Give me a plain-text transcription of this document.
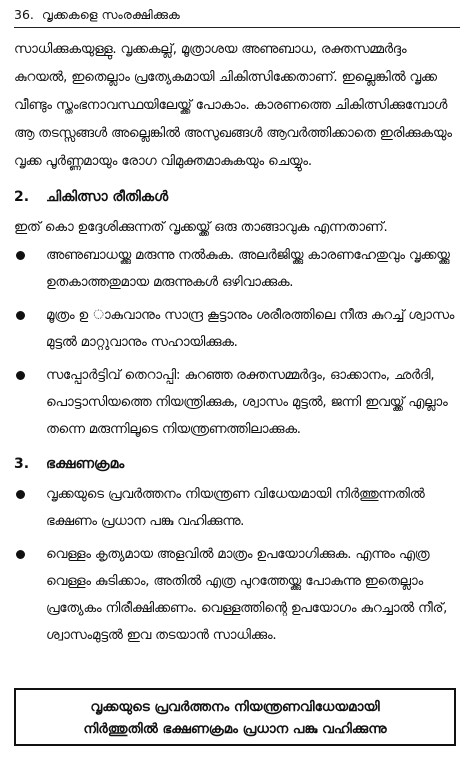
36. വൃക്കകളെ സംരക്ഷിക്കുക

സാധിക്കുകയുള്ളു. വൃക്കകല്ല്, മൂത്രാശയ അണുബാധ, രക്തസമ്മർദ്ദം കുറയൽ, ഇതെല്ലാം പ്രത്യേകമായി ചികിത്സിക്കേതാണ്. ഇല്ലെങ്കിൽ വൃക്ക വീണ്ടും സ്തംഭനാവസ്ഥയിലേയ്ക്ക് പോകാം. കാരണത്തെ ചികിത്സിക്കുമ്പോൾ ആ തടസ്സങ്ങൾ അല്ലെങ്കിൽ അസുഖങ്ങൾ ആവർത്തിക്കാതെ ഇരിക്കുകയും വൃക്ക പൂർണ്ണമായും രോഗ വിമുക്തമാകുകയും ചെയ്യും.

2. ചികിത്സാ രീതികൾ

ഇത് കൊ ഉദ്ദേശിക്കുന്നത് വൃക്കയ്ക്ക് ഒരു താങ്ങാവുക എന്നതാണ്.

അണുബാധയ്ക്കു മരുന്നു നൽകുക. അലർജിയ്ക്കു കാരണഹേതുവും വൃക്കയ്ക്കു ഉതകാത്തതുമായ മരുന്നുകൾ ഒഴിവാക്കുക.
മൂത്രം ഉ ാകുവാനും സാന്ദ്ര കൂട്ടാനും ശരീരത്തിലെ നീരു കുറച്ച് ശ്വാസം മുട്ടൽ മാറ്റുവാനും സഹായിക്കുക.
സപ്പോർട്ടിവ് തെറാപ്പി: കുറഞ്ഞ രക്തസമ്മർദ്ദം, ഓക്കാനം, ഛർദി, പൊട്ടാസിയത്തെ നിയന്ത്രിക്കുക, ശ്വാസം മുട്ടൽ, ജന്നി ഇവയ്ക്ക് എല്ലാം തന്നെ മരുന്നിലൂടെ നിയന്ത്രണത്തിലാക്കുക.
3. ഭക്ഷണക്രമം
വൃക്കയുടെ പ്രവർത്തനം നിയന്ത്രണ വിധേയമായി നിർത്തുന്നതിൽ ഭക്ഷണം പ്രധാന പങ്കു വഹിക്കുന്നു.
വെള്ളം കൃത്യമായ അളവിൽ മാത്രം ഉപയോഗിക്കുക. എന്നും എത്ര വെള്ളം കുടിക്കാം, അതിൽ എത്ര പുറത്തേയ്ക്കു പോകുന്നു ഇതെല്ലാം പ്രത്യേകം നിരീക്ഷിക്കണം. വെള്ളത്തിന്റെ ഉപയോഗം കുറച്ചാൽ നീര്, ശ്വാസംമുട്ടൽ ഇവ തടയാൻ സാധിക്കും.
വൃക്കയുടെ പ്രവർത്തനം നിയന്ത്രണവിധേയമായി
നിർത്തുതിൽ ഭക്ഷണക്രമം പ്രധാന പങ്കു വഹിക്കുന്നു
